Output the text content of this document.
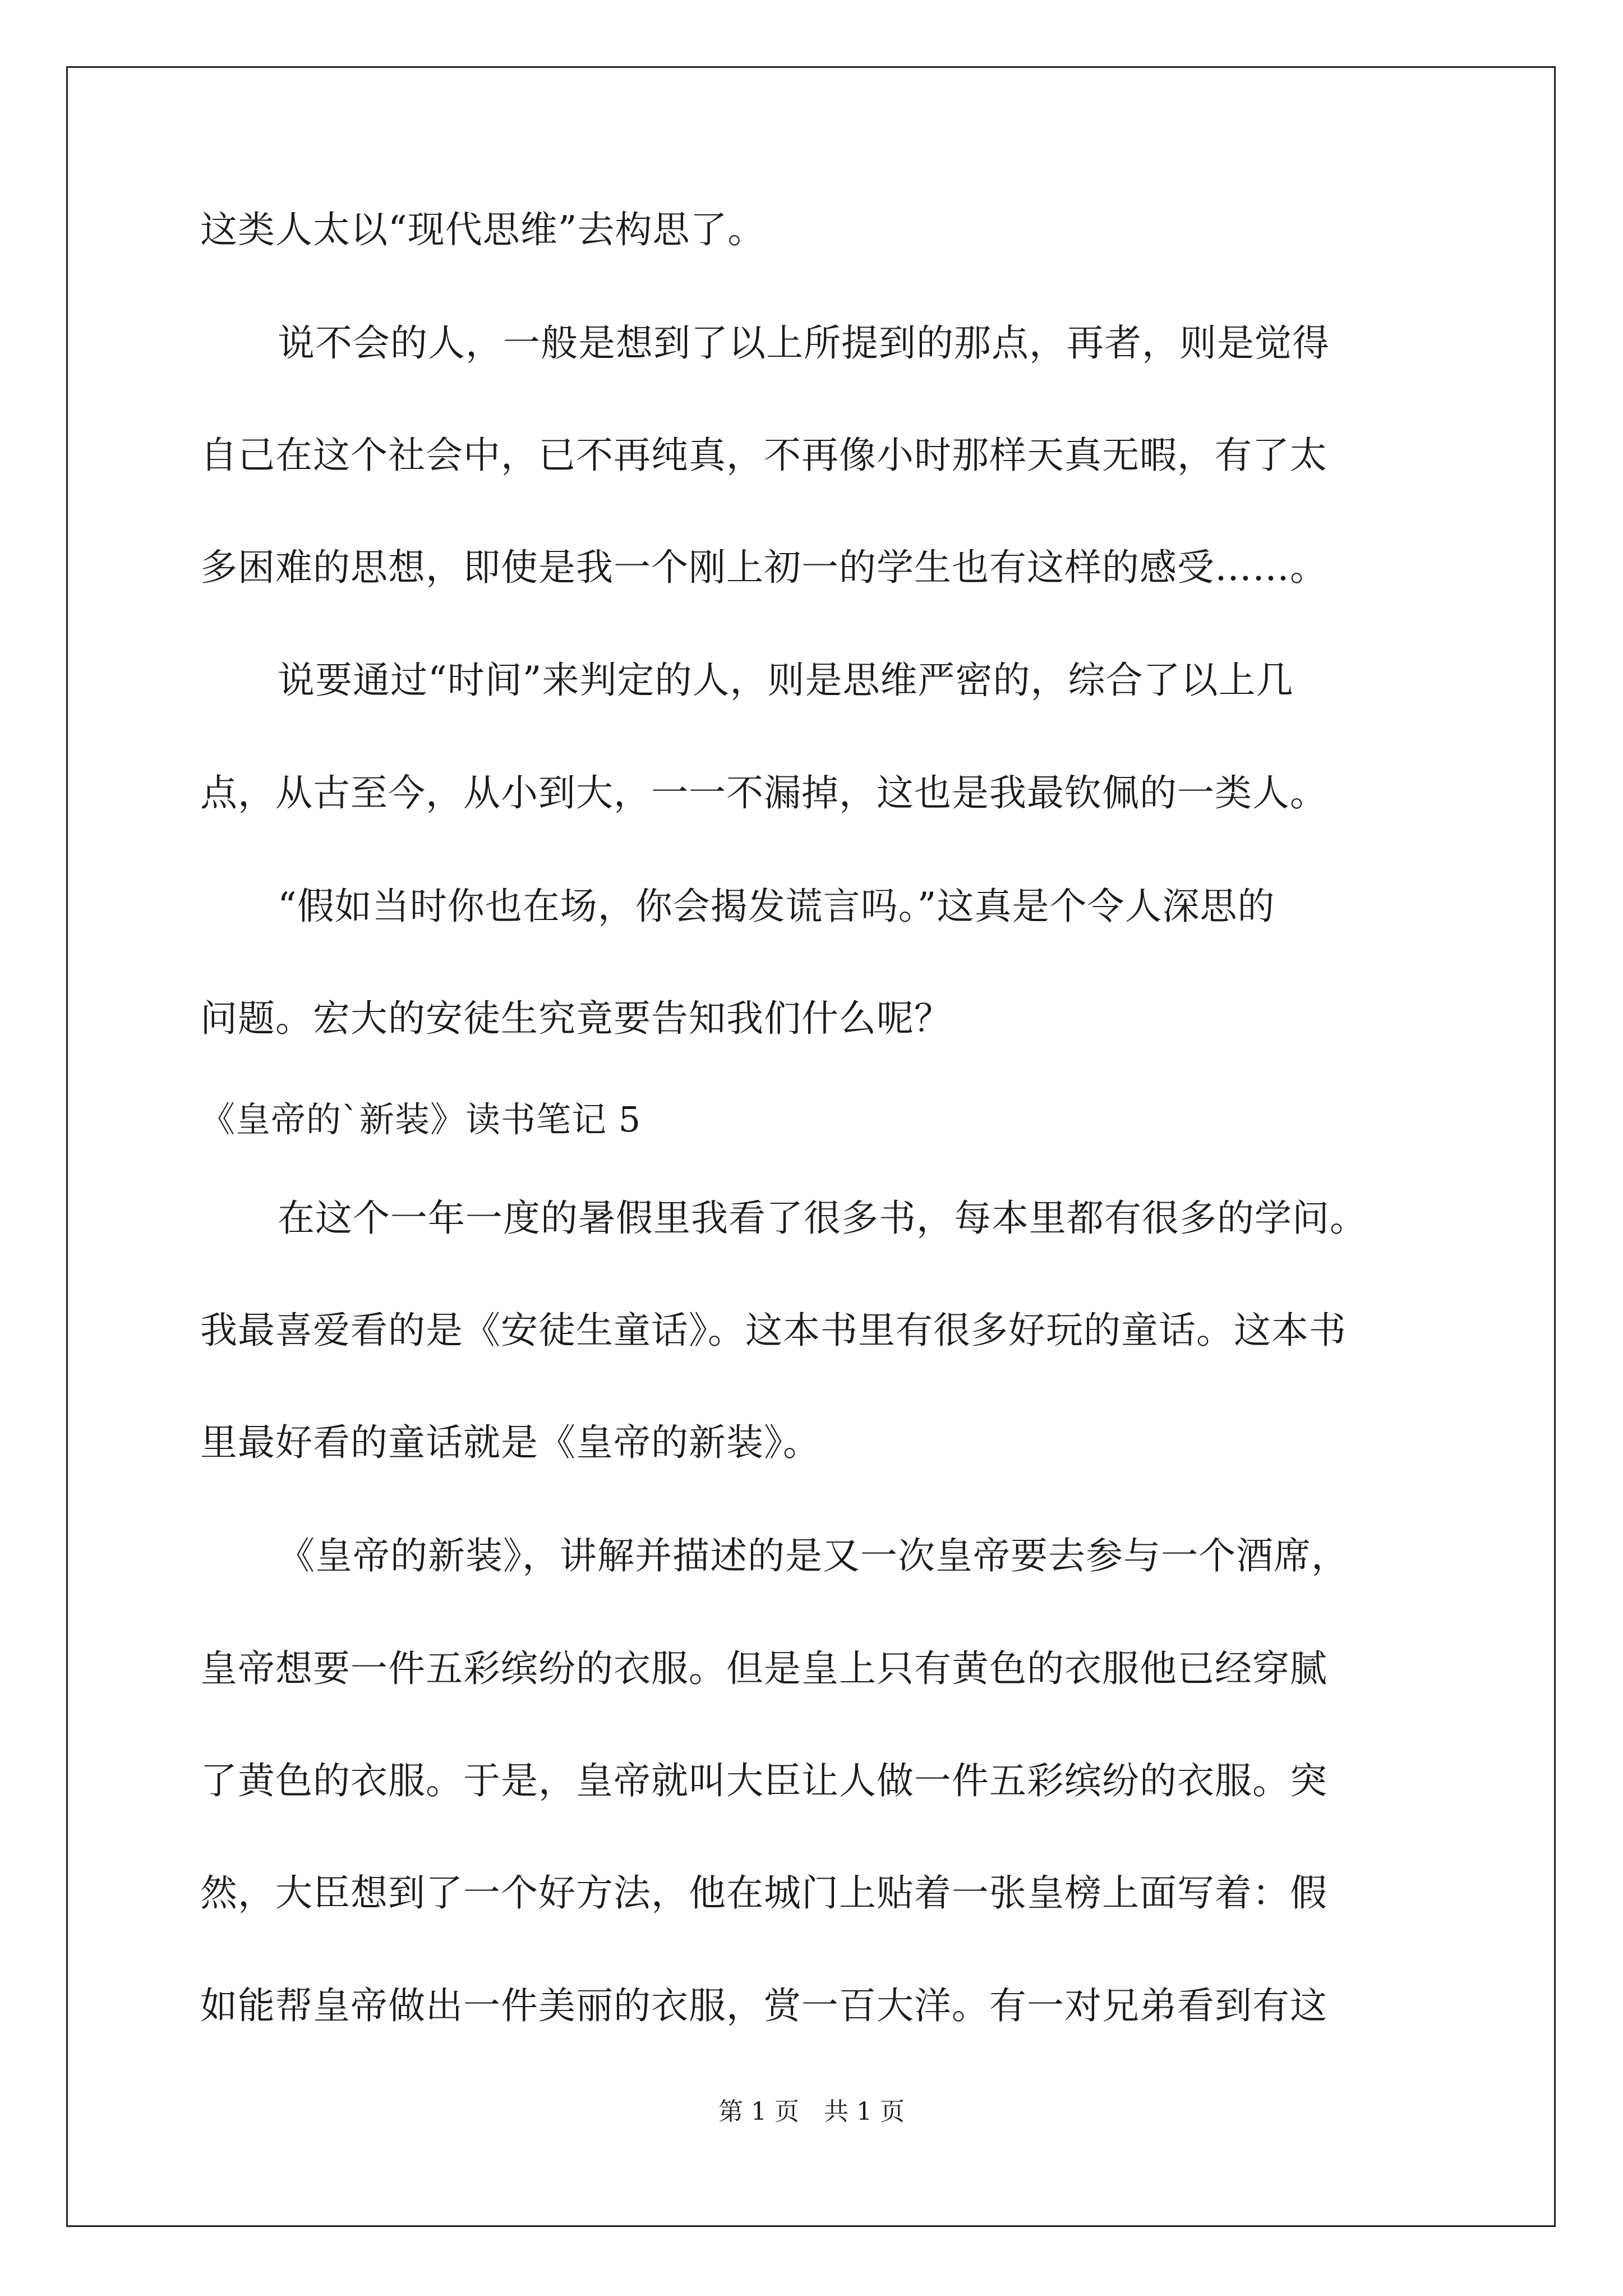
这类人太以“现代思维”去构思了。
说不会的人，一般是想到了以上所提到的那点，再者，则是觉得
自己在这个社会中，已不再纯真，不再像小时那样天真无暇，有了太
多困难的思想，即使是我一个刚上初一的学生也有这样的感受……。
说要通过“时间”来判定的人，则是思维严密的，综合了以上几
点，从古至今，从小到大，一一不漏掉，这也是我最钦佩的一类人。
“假如当时你也在场，你会揭发谎言吗。”这真是个令人深思的
问题。宏大的安徒生究竟要告知我们什么呢？
《皇帝的`新装》读书笔记 5
在这个一年一度的暑假里我看了很多书，每本里都有很多的学问。
我最喜爱看的是《安徒生童话》。这本书里有很多好玩的童话。这本书
里最好看的童话就是《皇帝的新装》。
《皇帝的新装》，讲解并描述的是又一次皇帝要去参与一个酒席，
皇帝想要一件五彩缤纷的衣服。但是皇上只有黄色的衣服他已经穿腻
了黄色的衣服。于是，皇帝就叫大臣让人做一件五彩缤纷的衣服。突
然，大臣想到了一个好方法，他在城门上贴着一张皇榜上面写着：假
如能帮皇帝做出一件美丽的衣服，赏一百大洋。有一对兄弟看到有这
第 1 页　共 1 页
